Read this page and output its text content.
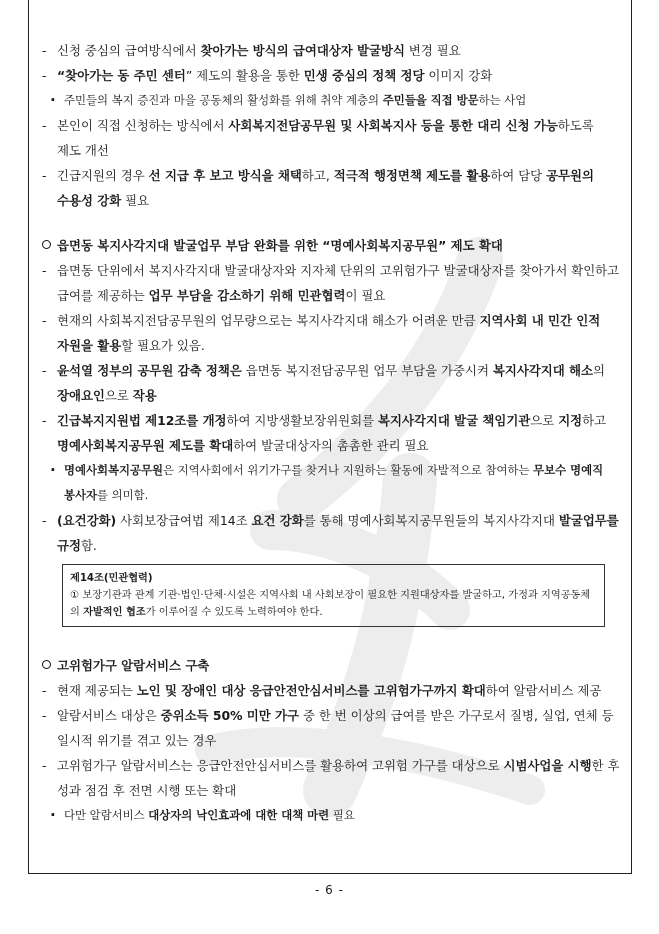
- 신청 중심의 급여방식에서 찾아가는 방식의 급여대상자 발굴방식 변경 필요
- “찾아가는 동 주민 센터” 제도의 활용을 통한 민생 중심의 정책 정당 이미지 강화
· 주민들의 복지 증진과 마을 공동체의 활성화를 위해 취약 계층의 주민들을 직접 방문하는 사업
- 본인이 직접 신청하는 방식에서 사회복지전담공무원 및 사회복지사 등을 통한 대리 신청 가능하도록 제도 개선
- 긴급지원의 경우 선 지급 후 보고 방식을 채택하고, 적극적 행정면책 제도를 활용하여 담당 공무원의 수용성 강화 필요
읍면동 복지사각지대 발굴업무 부담 완화를 위한 “명예사회복지공무원” 제도 확대
- 읍면동 단위에서 복지사각지대 발굴대상자와 지자체 단위의 고위험가구 발굴대상자를 찾아가서 확인하고 급여를 제공하는 업무 부담을 감소하기 위해 민관협력이 필요
- 현재의 사회복지전담공무원의 업무량으로는 복지사각지대 해소가 어려운 만큼 지역사회 내 민간 인적 자원을 활용할 필요가 있음.
- 윤석열 정부의 공무원 감축 정책은 읍면동 복지전담공무원 업무 부담을 가중시켜 복지사각지대 해소의 장애요인으로 작용
- 긴급복지지원법 제12조를 개정하여 지방생활보장위원회를 복지사각지대 발굴 책임기관으로 지정하고 명예사회복지공무원 제도를 확대하여 발굴대상자의 촘촘한 관리 필요
· 명예사회복지공무원은 지역사회에서 위기가구를 찾거나 지원하는 활동에 자발적으로 참여하는 무보수 명예직 봉사자를 의미함.
- (요건강화) 사회보장급여법 제14조 요건 강화를 통해 명예사회복지공무원들의 복지사각지대 발굴업무를 규정함.
제14조(민관협력)
① 보장기관과 관계 기관·법인·단체·시설은 지역사회 내 사회보장이 필요한 지원대상자를 발굴하고, 가정과 지역공동체의 자발적인 협조가 이루어질 수 있도록 노력하여야 한다.
고위험가구 알람서비스 구축
- 현재 제공되는 노인 및 장애인 대상 응급안전안심서비스를 고위험가구까지 확대하여 알람서비스 제공
- 알람서비스 대상은 중위소득 50% 미만 가구 중 한 번 이상의 급여를 받은 가구로서 질병, 실업, 연체 등 일시적 위기를 겪고 있는 경우
- 고위험가구 알람서비스는 응급안전안심서비스를 활용하여 고위험 가구를 대상으로 시범사업을 시행한 후 성과 점검 후 전면 시행 또는 확대
· 다만 알람서비스 대상자의 낙인효과에 대한 대책 마련 필요
- 6 -
